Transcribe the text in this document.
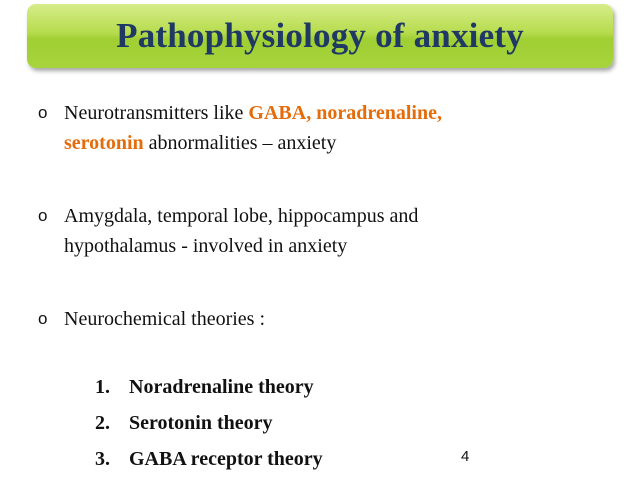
Pathophysiology of anxiety
o Neurotransmitters like GABA, noradrenaline,
serotonin abnormalities – anxiety
o Amygdala, temporal lobe, hippocampus and
hypothalamus - involved in anxiety
o Neurochemical theories :
1. Noradrenaline theory
2. Serotonin theory
3. GABA receptor theory	4
